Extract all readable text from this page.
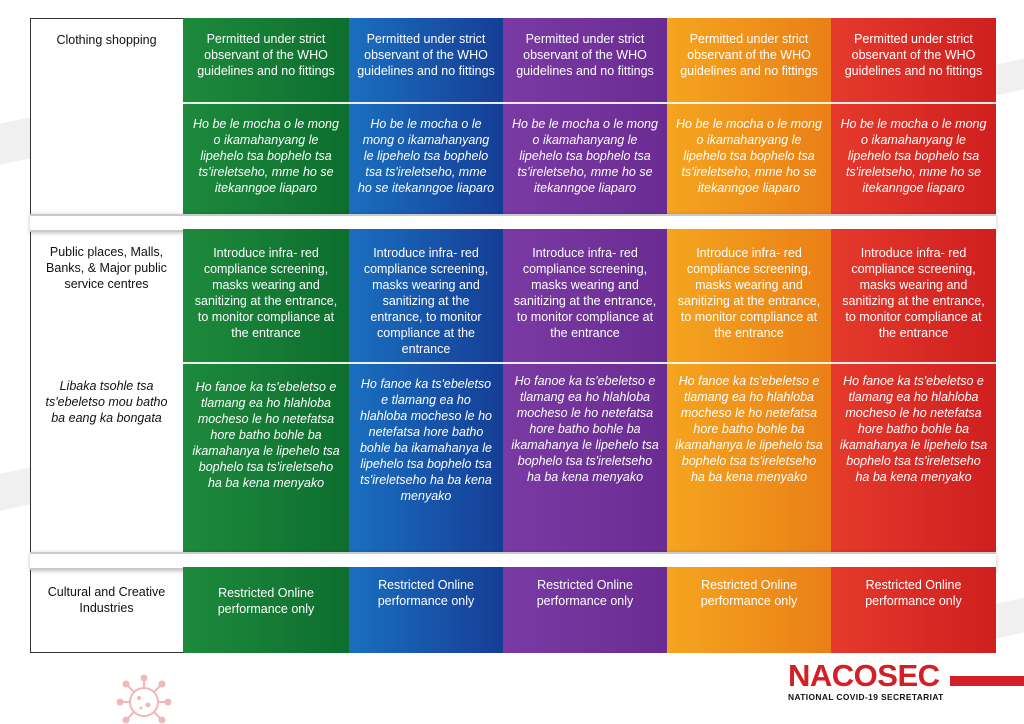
Clothing shopping	Permitted under strict observant of the WHO guidelines and no fittings
Ho be le mocha o le mong o ikamahanyang le lipehelo tsa bophelo tsa ts'ireletseho, mme ho se itekanngoe liaparo
Permitted under strict observant of the WHO guidelines and no fittings
Ho be le mocha o le mong o ikamahanyang le lipehelo tsa bophelo tsa ts'ireletseho, mme ho se itekanngoe liaparo
Permitted under strict observant of the WHO guidelines and no fittings
Ho be le mocha o le mong o ikamahanyang le lipehelo tsa bophelo tsa ts'ireletseho, mme ho se itekanngoe liaparo
Permitted under strict observant of the WHO guidelines and no fittings
Ho be le mocha o le mong o ikamahanyang le lipehelo tsa bophelo tsa ts'ireletseho, mme ho se itekanngoe liaparo
Permitted under strict observant of the WHO guidelines and no fittings
Ho be le mocha o le mong o ikamahanyang le lipehelo tsa bophelo tsa ts'ireletseho, mme ho se itekanngoe liaparo
Public places, Malls, Banks, & Major public service centres
Libaka tsohle tsa ts'ebeletso mou batho ba eang ka bongata
Introduce infra- red compliance screening, masks wearing and sanitizing at the entrance, to monitor compliance at the entrance
Ho fanoe ka ts'ebeletso e tlamang ea ho hlahloba mocheso le ho netefatsa hore batho bohle ba ikamahanya le lipehelo tsa bophelo tsa ts'ireletseho ha ba kena menyako
Introduce infra- red compliance screening, masks wearing and sanitizing at the entrance, to monitor compliance at the entrance
Ho fanoe ka ts'ebeletso e tlamang ea ho hlahloba mocheso le ho netefatsa hore batho bohle ba ikamahanya le lipehelo tsa bophelo tsa ts'ireletseho ha ba kena menyako
Introduce infra- red compliance screening, masks wearing and sanitizing at the entrance, to monitor compliance at the entrance
Ho fanoe ka ts'ebeletso e tlamang ea ho hlahloba mocheso le ho netefatsa hore batho bohle ba ikamahanya le lipehelo tsa bophelo tsa ts'ireletseho ha ba kena menyako
Introduce infra- red compliance screening, masks wearing and sanitizing at the entrance, to monitor compliance at the entrance
Ho fanoe ka ts'ebeletso e tlamang ea ho hlahloba mocheso le ho netefatsa hore batho bohle ba ikamahanya le lipehelo tsa bophelo tsa ts'ireletseho ha ba kena menyako
Introduce infra- red compliance screening, masks wearing and sanitizing at the entrance, to monitor compliance at the entrance
Ho fanoe ka ts'ebeletso e tlamang ea ho hlahloba mocheso le ho netefatsa hore batho bohle ba ikamahanya le lipehelo tsa bophelo tsa ts'ireletseho ha ba kena menyako
Cultural and Creative Industries
Restricted Online performance only
Restricted Online performance only
Restricted Online performance only
Restricted Online performance only
Restricted Online performance only
NACOSEC
NATIONAL COVID-19 SECRETARIAT
